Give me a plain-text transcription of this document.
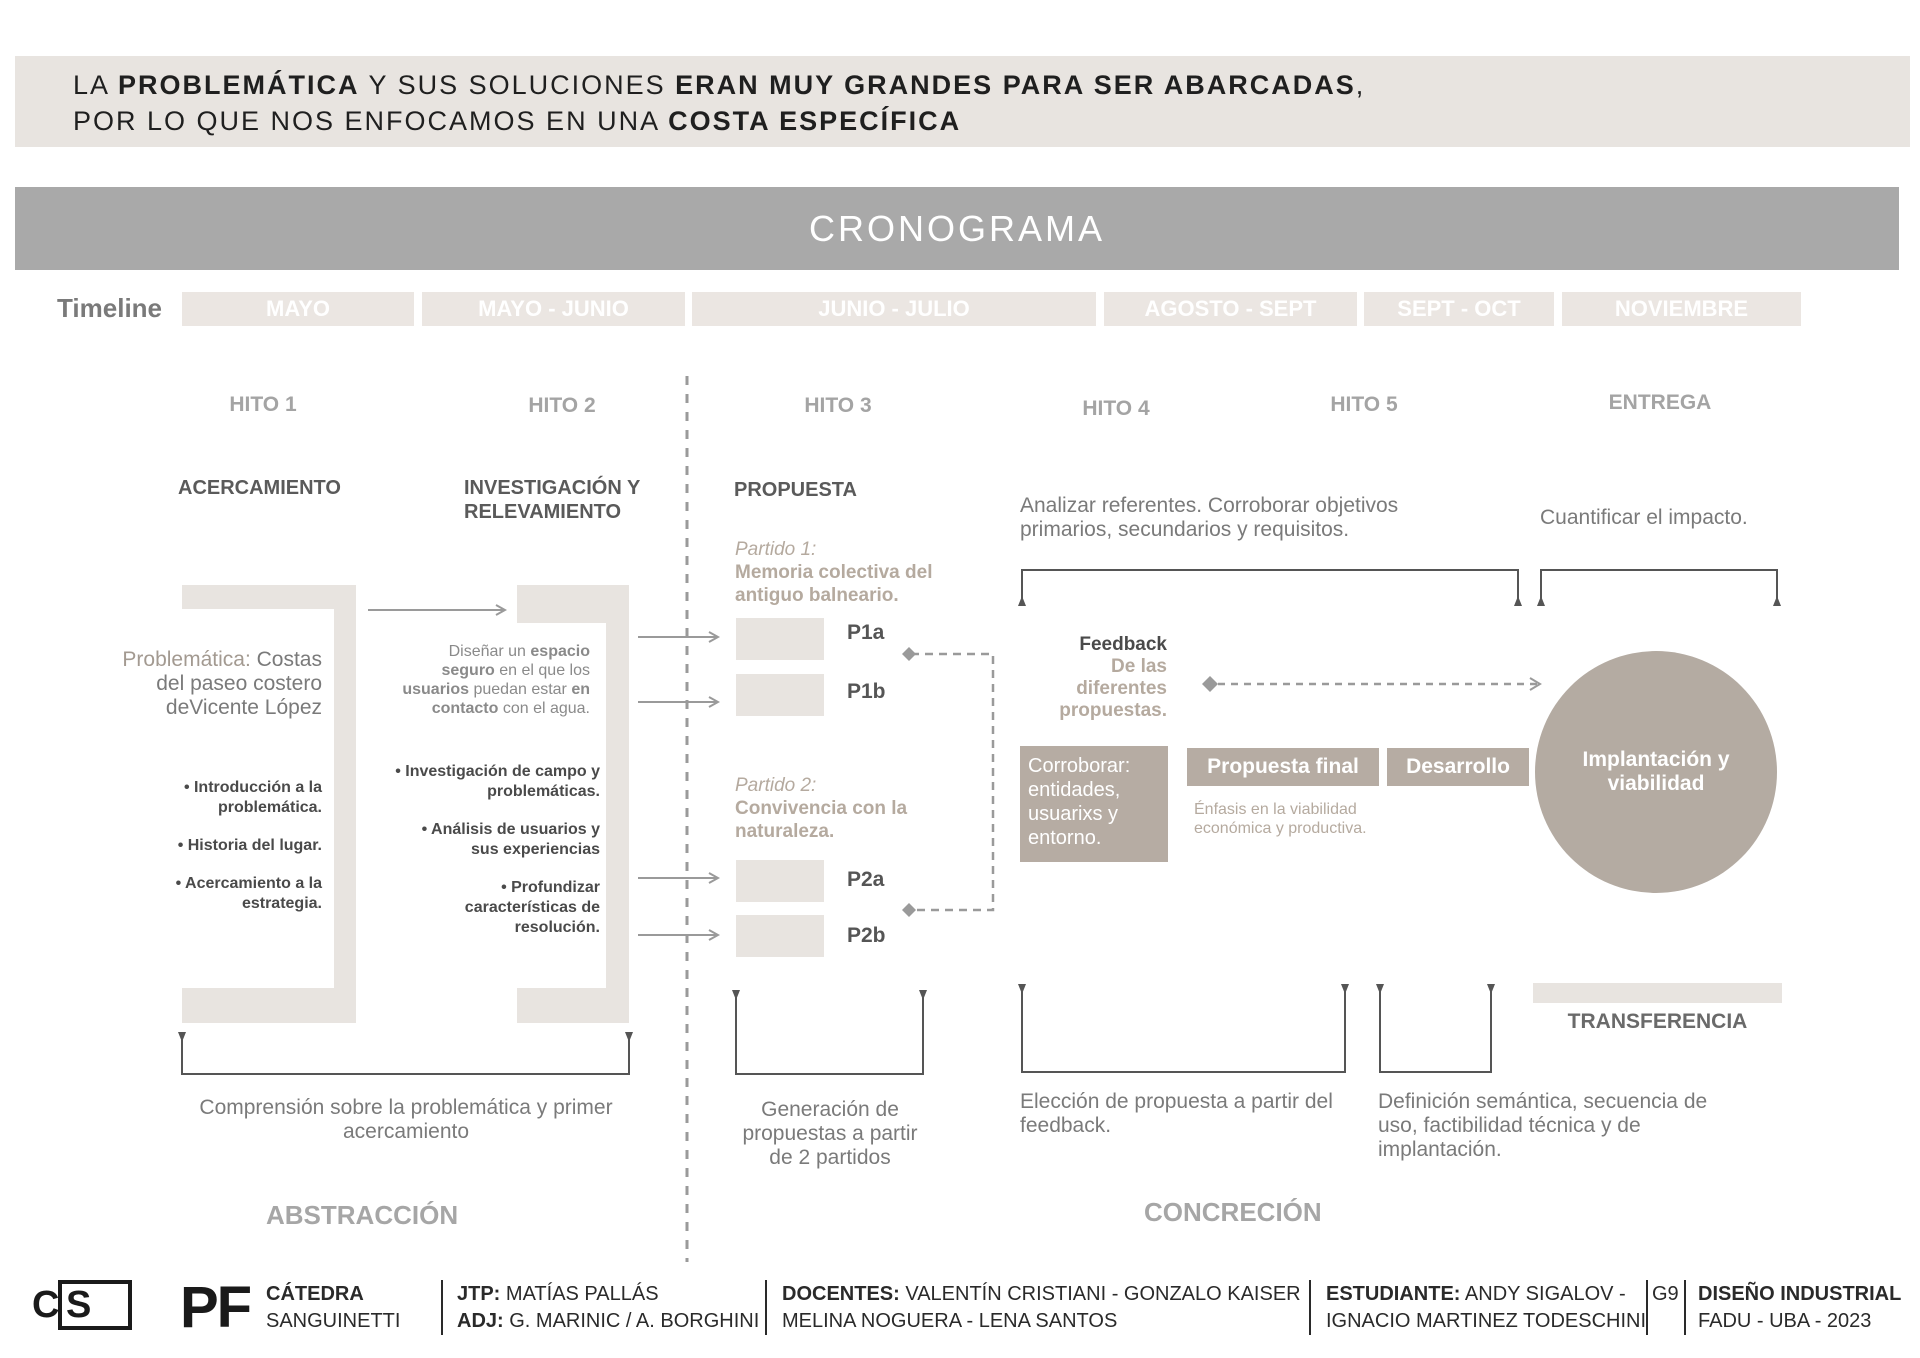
LA PROBLEMÁTICA Y SUS SOLUCIONES ERAN MUY GRANDES PARA SER ABARCADAS,
POR LO QUE NOS ENFOCAMOS EN UNA COSTA ESPECÍFICA
CRONOGRAMA
Timeline	MAYO	MAYO - JUNIO	JUNIO - JULIO	AGOSTO - SEPT	SEPT - OCT	NOVIEMBRE
HITO 1	HITO 2	HITO 3	HITO 4	HITO 5	ENTREGA
ACERCAMIENTO
Problemática: Costas del paseo costero deVicente López
• Introducción a la problemática.
• Historia del lugar.
• Acercamiento a la estrategia.
INVESTIGACIÓN Y RELEVAMIENTO
Diseñar un espacio seguro en el que los usuarios puedan estar en contacto con el agua.
• Investigación de campo y problemáticas.
• Análisis de usuarios y sus experiencias
• Profundizar características de resolución.
PROPUESTA
Partido 1:
Memoria colectiva del antiguo balneario.
Partido 2:
Convivencia con la naturaleza.
P1a
P1b
P2a
P2b
Analizar referentes. Corroborar objetivos primarios, secundarios y requisitos.
Feedback
De las diferentes propuestas.
Corroborar: entidades, usuarixs y entorno.
Propuesta final	Desarrollo
Énfasis en la viabilidad económica y productiva.
Cuantificar el impacto.
Implantación y viabilidad
TRANSFERENCIA
Comprensión sobre la problemática y primer acercamiento
Generación de propuestas a partir de 2 partidos
Elección de propuesta a partir del feedback.
Definición semántica, secuencia de uso, factibilidad técnica y de implantación.
ABSTRACCIÓN	CONCRECIÓN
C S PF CÁTEDRA
SANGUINETTI
JTP: MATÍAS PALLÁS
ADJ: G. MARINIC / A. BORGHINI
DOCENTES: VALENTÍN CRISTIANI - GONZALO KAISER
MELINA NOGUERA - LENA SANTOS
ESTUDIANTE: ANDY SIGALOV -
IGNACIO MARTINEZ TODESCHINI
G9 DISEÑO INDUSTRIAL
FADU - UBA - 2023
